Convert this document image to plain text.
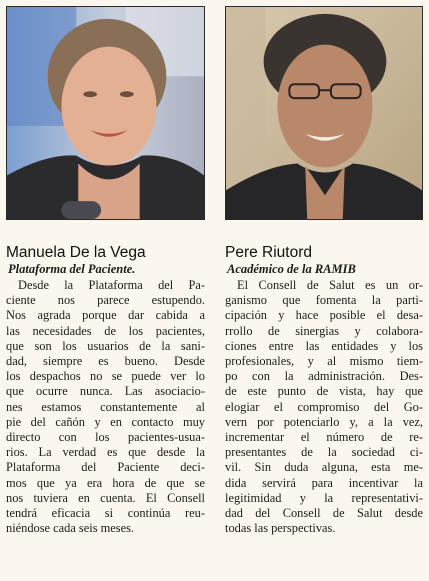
Manuela De la Vega
Plataforma del Paciente.
Desde la Plataforma del Pa-
ciente nos parece estupendo.
Nos agrada porque dar cabida a
las necesidades de los pacientes,
que son los usuarios de la sani-
dad, siempre es bueno. Desde
los despachos no se puede ver lo
que ocurre nunca. Las asociacio-
nes estamos constantemente al
pie del cañón y en contacto muy
directo con los pacientes-usua-
rios. La verdad es que desde la
Plataforma del Paciente deci-
mos que ya era hora de que se
nos tuviera en cuenta. El Consell
tendrá eficacia si continúa reu-
niéndose cada seis meses.
Pere Riutord
Académico de la RAMIB
El Consell de Salut es un or-
ganismo que fomenta la parti-
cipación y hace posible el desa-
rrollo de sinergias y colabora-
ciones entre las entidades y los
profesionales, y al mismo tiem-
po con la administración. Des-
de este punto de vista, hay que
elogiar el compromiso del Go-
vern por potenciarlo y, a la vez,
incrementar el número de re-
presentantes de la sociedad ci-
vil. Sin duda alguna, esta me-
dida servirá para incentivar la
legitimidad y la representativi-
dad del Consell de Salut desde
todas las perspectivas.
